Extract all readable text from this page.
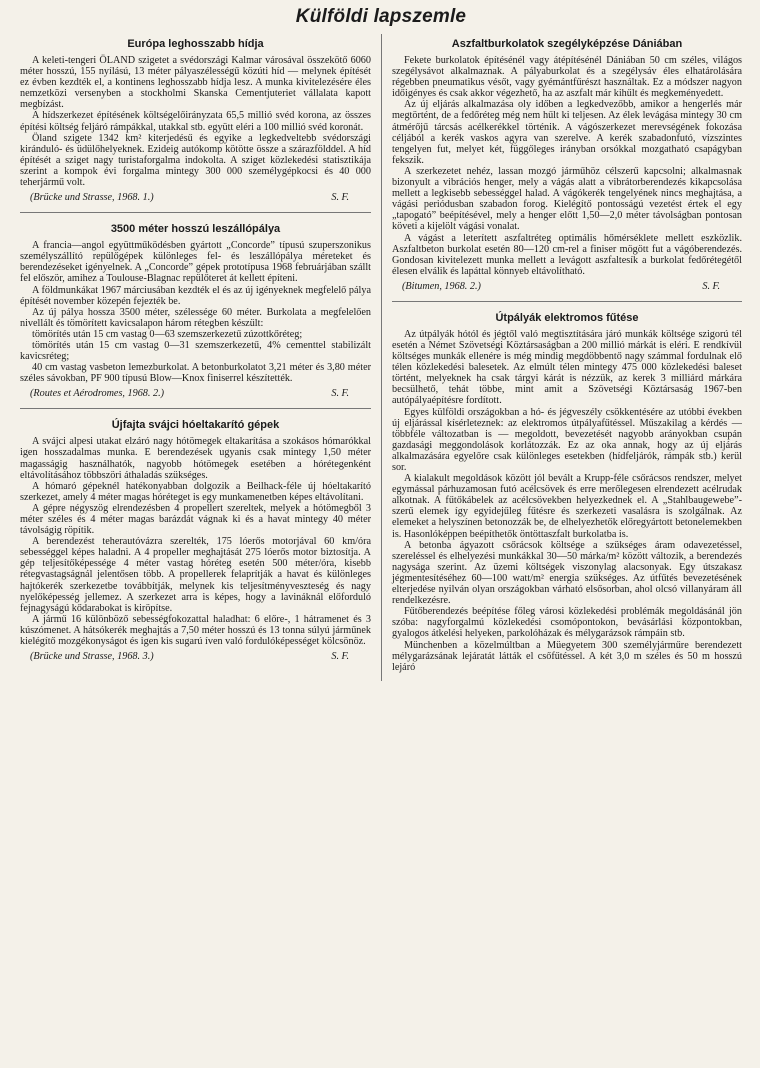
Külföldi lapszemle
Európa leghosszabb hídja

A keleti-tengeri ÖLAND szigetet a svédországi Kalmar városával összekötő 6060 méter hosszú, 155 nyílású, 13 méter pályaszélességű közúti híd — melynek építését ez évben kezdték el, a kontinens leghosszabb hídja lesz. A munka kivitelezésére éles nemzetközi versenyben a stockholmi Skanska Cementjuteriet vállalata kapott megbízást.

A hídszerkezet építésének költségelőirányzata 65,5 millió svéd korona, az összes építési költség feljáró rámpákkal, utakkal stb. együtt eléri a 100 millió svéd koronát.

Öland szigete 1342 km² kiterjedésű és egyike a legkedveltebb svédországi kiránduló- és üdülőhelyeknek. Ezideig autókomp kötötte össze a szárazfölddel. A híd építését a sziget nagy turistaforgalma indokolta. A sziget közlekedési statisztikája szerint a kompok évi forgalma mintegy 300 000 személygépkocsi és 40 000 teherjármű volt.

(Brücke und Strasse, 1968. 1.)	S. F.
3500 méter hosszú leszállópálya

A francia—angol együttműködésben gyártott „Concorde” típusú szuperszonikus személyszállító repülőgépek különleges fel- és leszállópálya méreteket és berendezéseket igényelnek. A „Concorde” gépek prototípusa 1968 februárjában szállt fel először, amihez a Toulouse-Blagnac repülőteret át kellett építeni.

A földmunkákat 1967 márciusában kezdték el és az új igényeknek megfelelő pálya építését november közepén fejezték be.

Az új pálya hossza 3500 méter, szélessége 60 méter. Burkolata a megfelelően nivellált és tömörített kavicsalapon három rétegben készült:

tömörítés után 15 cm vastag 0—63 szemszerkezetű zúzottkőréteg;

tömörítés után 15 cm vastag 0—31 szemszerkezetű, 4% cementtel stabilizált kavicsréteg;

40 cm vastag vasbeton lemezburkolat. A betonburkolatot 3,21 méter és 3,80 méter széles sávokban, PF 900 típusú Blow—Knox finiserrel készítették.

(Routes et Aérodromes, 1968. 2.)	S. F.
Újfajta svájci hóeltakarító gépek

A svájci alpesi utakat elzáró nagy hótömegek eltakarítása a szokásos hómarókkal igen hosszadalmas munka. E berendezések ugyanis csak mintegy 1,50 méter magasságig használhatók, nagyobb hótömegek esetében a hórétegenként eltávolításához többszöri áthaladás szükséges.

A hómaró gépeknél hatékonyabban dolgozik a Beilhack-féle új hóeltakarító szerkezet, amely 4 méter magas hóréteget is egy munkamenetben képes eltávolítani.

A gépre négyszög elrendezésben 4 propellert szereltek, melyek a hótömegből 3 méter széles és 4 méter magas barázdát vágnak ki és a havat mintegy 40 méter távolságig röpítik.

A berendezést teherautóvázra szerelték, 175 lóerős motorjával 60 km/óra sebességgel képes haladni. A 4 propeller meghajtását 275 lóerős motor biztosítja. A gép teljesítőképessége 4 méter vastag hóréteg esetén 500 méter/óra, kisebb rétegvastagságnál jelentősen több. A propellerek felaprítják a havat és különleges hajtókerék szerkezetbe továbbítják, melynek kis teljesítményveszteség és nagy nyelőképesség jellemez. A szerkezet arra is képes, hogy a lavináknál előforduló fejnagyságú kődarabokat is kiröpítse.

A jármű 16 különböző sebességfokozattal haladhat: 6 előre-, 1 hátramenet és 3 kúszómenet. A hátsókerék meghajtás a 7,50 méter hosszú és 13 tonna súlyú járműnek kielégítő mozgékonyságot és igen kis sugarú íven való fordulóképességet kölcsönöz.

(Brücke und Strasse, 1968. 3.)	S. F.
Aszfaltburkolatok szegélyképzése Dániában

Fekete burkolatok építésénél vagy átépítésénél Dániában 50 cm széles, világos szegélysávot alkalmaznak. A pályaburkolat és a szegélysáv éles elhatárolására régebben pneumatikus vésőt, vagy gyémántfűrészt használtak. Ez a módszer nagyon időigényes és csak akkor végezhető, ha az aszfalt már kihűlt és megkeményedett.

Az új eljárás alkalmazása oly időben a legkedvezőbb, amikor a hengerlés már megtörtént, de a fedőréteg még nem hűlt ki teljesen. Az élek levágása mintegy 30 cm átmérőjű tárcsás acélkerékkel történik. A vágószerkezet merevségének fokozása céljából a kerék vaskos agyra van szerelve. A kerék szabadonfutó, vízszintes tengelyen fut, melyet két, függőleges irányban orsókkal mozgatható csapágyban fekszik.

A szerkezetet nehéz, lassan mozgó járműhöz célszerű kapcsolni; alkalmasnak bizonyult a vibrációs henger, mely a vágás alatt a vibrátorberendezés kikapcsolása mellett a legkisebb sebességgel halad. A vágókerék tengelyének nincs meghajtása, a vágási periódusban szabadon forog. Kielégítő pontosságú vezetést értek el egy „tapogató” beépítésével, mely a henger előtt 1,50—2,0 méter távolságban pontosan követi a kijelölt vágási vonalat.

A vágást a leterített aszfaltréteg optimális hőmérséklete mellett eszközlik. Aszfaltbeton burkolat esetén 80—120 cm-rel a finiser mögött fut a vágóberendezés. Gondosan kivitelezett munka mellett a levágott aszfaltesík a burkolat fedőrétegétől élesen elválik és lapáttal könnyeb eltávolítható.

(Bitumen, 1968. 2.)	S. F.
Útpályák elektromos fűtése

Az útpályák hótól és jégtől való megtisztítására járó munkák költsége szigorú tél esetén a Német Szövetségi Köztársaságban a 200 millió márkát is eléri. E rendkívül költséges munkák ellenére is még mindig megdöbbentő nagy számmal fordulnak elő télen közlekedési balesetek. Az elmúlt télen mintegy 475 000 közlekedési baleset történt, melyeknek ha csak tárgyi kárát is nézzük, az kerek 3 milliárd márkára becsülhető, tehát többe, mint amit a Szövetségi Köztársaság 1967-ben autópályaépítésre fordított.

Egyes külföldi országokban a hó- és jégveszély csökkentésére az utóbbi években új eljárással kísérleteznek: az elektromos útpályafűtéssel. Műszakilag a kérdés — többféle változatban is — megoldott, bevezetését nagyobb arányokban csupán gazdasági meggondolások korlátozzák. Ez az oka annak, hogy az új eljárás alkalmazására egyelőre csak különleges esetekben (hídfeljárók, rámpák stb.) kerül sor.

A kialakult megoldások között jól bevált a Krupp-féle csőrácsos rendszer, melyet egymással párhuzamosan futó acélcsövek és erre merőlegesen elrendezett acélrudak alkotnak. A fűtőkábelek az acélcsövekben helyezkednek el. A „Stahlbaugewebe”-szerű elemek így egyidejűleg fűtésre és szerkezeti vasalásra is szolgálnak. Az elemeket a helyszínen betonozzák be, de elhelyezhetők előregyártott betonelemekben is. Hasonlóképpen beépíthetők öntöttaszfalt burkolatba is.

A betonba ágyazott csőrácsok költsége a szükséges áram odavezetéssel, szereléssel és elhelyezési munkákkal 30—50 márka/m² között változik, a berendezés nagysága szerint. Az üzemi költségek viszonylag alacsonyak. Egy útszakasz jégmentesítéséhez 60—100 watt/m² energia szükséges. Az útfűtés bevezetésének elterjedése nyilván olyan országokban várható elsősorban, ahol olcsó villanyáram áll rendelkezésre.

Fűtőberendezés beépítése főleg városi közlekedési problémák megoldásánál jön szóba: nagyforgalmú közlekedési csomópontokon, bevásárlási központokban, gyalogos átkelési helyeken, parkolóházak és mélygarázsok rámpáin stb.

Münchenben a közelmúltban a Müegyetem 300 személyjárműre berendezett mélygarázsának lejáratát látták el csőfűtéssel. A két 3,0 m széles és 50 m hosszú lejáró
